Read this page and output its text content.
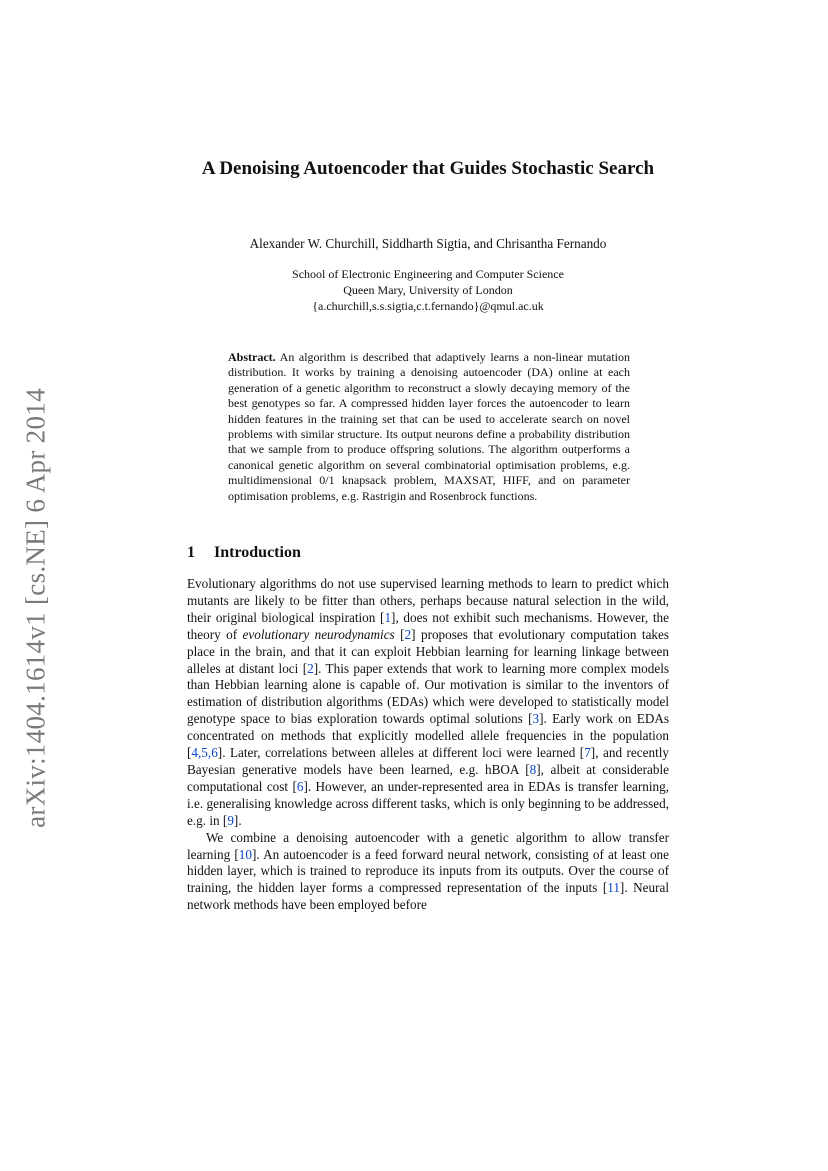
arXiv:1404.1614v1 [cs.NE] 6 Apr 2014
A Denoising Autoencoder that Guides Stochastic Search
Alexander W. Churchill, Siddharth Sigtia, and Chrisantha Fernando
School of Electronic Engineering and Computer Science
Queen Mary, University of London
{a.churchill,s.s.sigtia,c.t.fernando}@qmul.ac.uk
Abstract. An algorithm is described that adaptively learns a non-linear mutation distribution. It works by training a denoising autoencoder (DA) online at each generation of a genetic algorithm to reconstruct a slowly decaying memory of the best genotypes so far. A compressed hidden layer forces the autoencoder to learn hidden features in the training set that can be used to accelerate search on novel problems with similar structure. Its output neurons define a probability distribution that we sample from to produce offspring solutions. The algorithm outperforms a canonical genetic algorithm on several combinatorial optimisation problems, e.g. multidimensional 0/1 knapsack problem, MAXSAT, HIFF, and on parameter optimisation problems, e.g. Rastrigin and Rosenbrock functions.
1 Introduction

Evolutionary algorithms do not use supervised learning methods to learn to predict which mutants are likely to be fitter than others, perhaps because natural selection in the wild, their original biological inspiration [ 1 ] , does not exhibit such mechanisms. However, the theory of evolutionary neurodynamics [ 2 ] proposes that evolutionary computation takes place in the brain, and that it can exploit Hebbian learning for learning linkage between alleles at distant loci [ 2 ] . This paper extends that work to learning more complex models than Hebbian learning alone is capable of. Our motivation is similar to the inventors of estimation of distribution algorithms (EDAs) which were developed to statistically model genotype space to bias exploration towards optimal solutions [ 3 ] . Early work on EDAs concentrated on methods that explicitly modelled allele frequencies in the population [ 4,5,6 ] . Later, correlations between alleles at different loci were learned [ 7 ] , and recently Bayesian generative models have been learned, e.g. hBOA [ 8 ] , albeit at considerable computational cost [ 6 ] . However, an under-represented area in EDAs is transfer learning, i.e. generalising knowledge across different tasks, which is only beginning to be addressed, e.g. in [ 9 ] .

We combine a denoising autoencoder with a genetic algorithm to allow transfer learning [ 10 ] . An autoencoder is a feed forward neural network, consisting of at least one hidden layer, which is trained to reproduce its inputs from its outputs. Over the course of training, the hidden layer forms a compressed representation of the inputs [ 11 ] . Neural network methods have been employed before
